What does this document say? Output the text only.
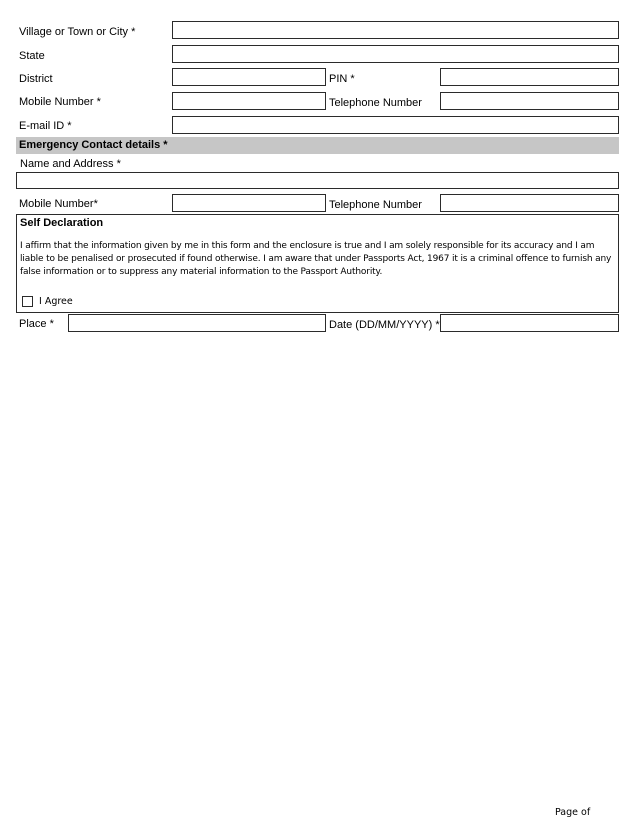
Village or Town or City *
State
District	PIN *
Mobile Number *	Telephone Number
E-mail ID *
Emergency Contact details *
Name and Address *
Mobile Number*	Telephone Number
Self Declaration
I affirm that the information given by me in this form and the enclosure is true and I am solely responsible for its accuracy and I am liable to be penalised or prosecuted if found otherwise. I am aware that under Passports Act, 1967 it is a criminal offence to furnish any false information or to suppress any material information to the Passport Authority.
I Agree
Place *	Date (DD/MM/YYYY) *
Page of
